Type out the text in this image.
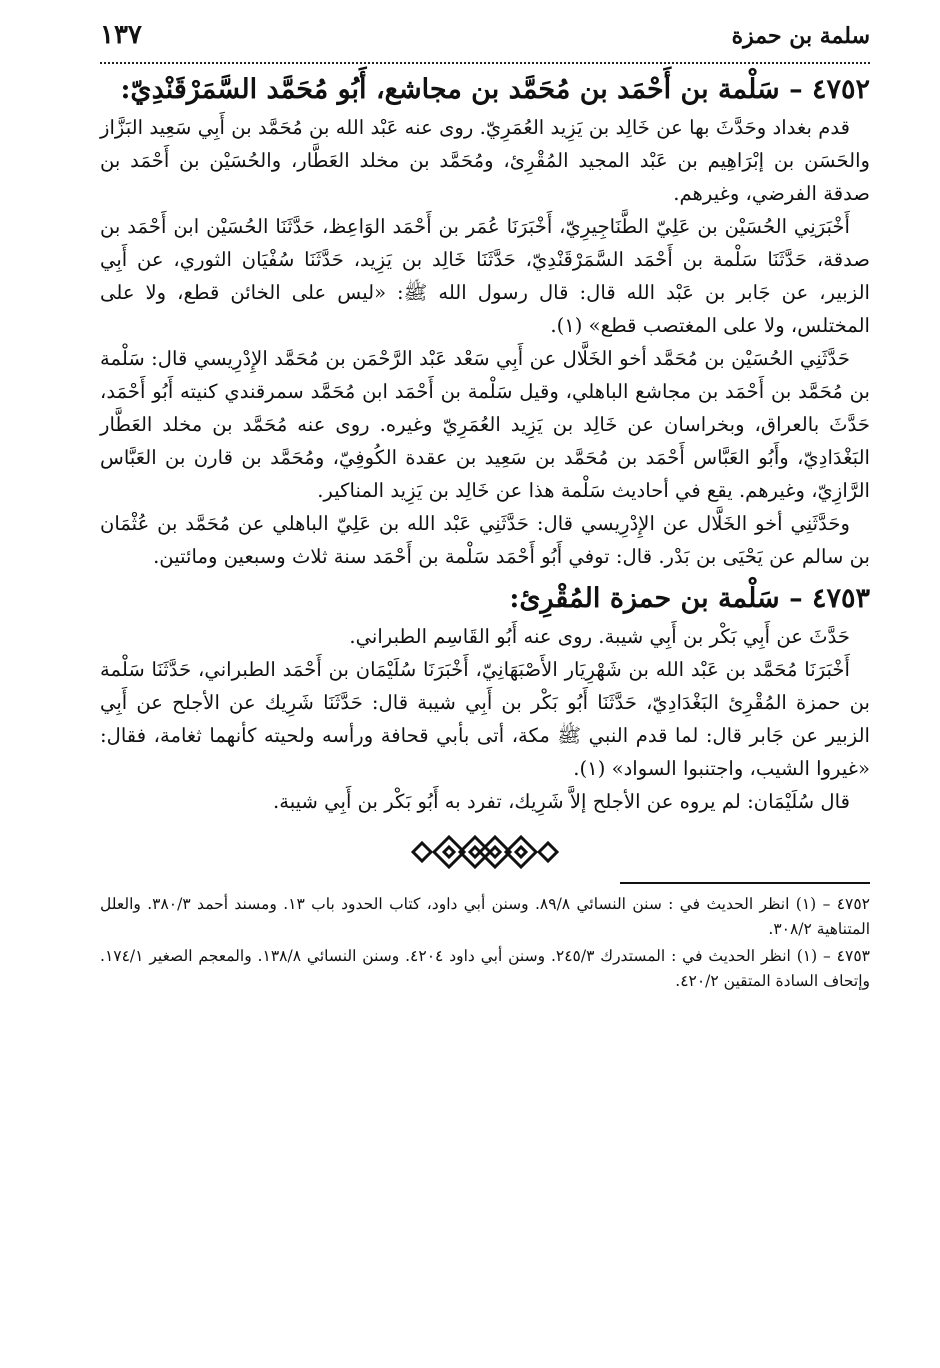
سلمة بن حمزة
١٣٧
٤٧٥٢ – سَلْمة بن أَحْمَد بن مُحَمَّد بن مجاشع، أَبُو مُحَمَّد السَّمَرْقَنْدِيّ:

قدم بغداد وحَدَّثَ بها عن خَالِد بن يَزِيد العُمَرِيّ. روى عنه عَبْد الله بن مُحَمَّد بن أَبِي سَعِيد البَزَّاز والحَسَن بن إبْرَاهِيم بن عَبْد المجيد المُقْرِئ، ومُحَمَّد بن مخلد العَطَّار، والحُسَيْن بن أَحْمَد بن صدقة الفرضي، وغيرهم.

أَخْبَرَنِي الحُسَيْن بن عَلِيّ الطَّنَاجِيرِيّ، أَخْبَرَنَا عُمَر بن أَحْمَد الوَاعِظ، حَدَّثَنَا الحُسَيْن ابن أَحْمَد بن صدقة، حَدَّثَنَا سَلْمة بن أَحْمَد السَّمَرْقَنْدِيّ، حَدَّثَنَا خَالِد بن يَزِيد، حَدَّثَنَا سُفْيَان الثوري، عن أَبِي الزبير، عن جَابر بن عَبْد الله قال: قال رسول الله ﷺ: «ليس على الخائن قطع، ولا على المختلس، ولا على المغتصب قطع» (١).

حَدَّثَنِي الحُسَيْن بن مُحَمَّد أخو الخَلَّال عن أَبِي سَعْد عَبْد الرَّحْمَن بن مُحَمَّد الإِدْرِيسي قال: سَلْمة بن مُحَمَّد بن أَحْمَد بن مجاشع الباهلي، وقيل سَلْمة بن أَحْمَد ابن مُحَمَّد سمرقندي كنيته أَبُو أَحْمَد، حَدَّثَ بالعراق، وبخراسان عن خَالِد بن يَزِيد العُمَرِيّ وغيره. روى عنه مُحَمَّد بن مخلد العَطَّار البَغْدَادِيّ، وأَبُو العَبَّاس أَحْمَد بن مُحَمَّد بن سَعِيد بن عقدة الكُوفِيّ، ومُحَمَّد بن قارن بن العَبَّاس الرَّازِيّ، وغيرهم. يقع في أحاديث سَلْمة هذا عن خَالِد بن يَزِيد المناكير.

وحَدَّثَنِي أخو الخَلَّال عن الإِدْرِيسي قال: حَدَّثَنِي عَبْد الله بن عَلِيّ الباهلي عن مُحَمَّد بن عُثْمَان بن سالم عن يَحْيَى بن بَدْر. قال: توفي أَبُو أَحْمَد سَلْمة بن أَحْمَد سنة ثلاث وسبعين ومائتين.

٤٧٥٣ – سَلْمة بن حمزة المُقْرِئ:

حَدَّثَ عن أَبِي بَكْر بن أَبِي شيبة. روى عنه أَبُو القَاسِم الطبراني.

أَخْبَرَنَا مُحَمَّد بن عَبْد الله بن شَهْرِيَار الأَصْبَهَانِيّ، أَخْبَرَنَا سُلَيْمَان بن أَحْمَد الطبراني، حَدَّثَنَا سَلْمة بن حمزة المُقْرِئ البَغْدَادِيّ، حَدَّثَنَا أَبُو بَكْر بن أَبِي شيبة قال: حَدَّثَنَا شَرِيك عن الأجلح عن أَبِي الزبير عن جَابر قال: لما قدم النبي ﷺ مكة، أتى بأبي قحافة ورأسه ولحيته كأنهما ثغامة، فقال: «غيروا الشيب، واجتنبوا السواد» (١).

قال سُلَيْمَان: لم يروه عن الأجلح إلاَّ شَرِيك، تفرد به أَبُو بَكْر بن أَبِي شيبة.

٤٧٥٢ – (١) انظر الحديث في : سنن النسائي ٨٩/٨. وسنن أبي داود، كتاب الحدود باب ١٣. ومسند أحمد ٣٨٠/٣. والعلل المتناهية ٣٠٨/٢.

٤٧٥٣ – (١) انظر الحديث في : المستدرك ٢٤٥/٣. وسنن أبي داود ٤٢٠٤. وسنن النسائي ١٣٨/٨. والمعجم الصغير ١٧٤/١. وإتحاف السادة المتقين ٤٢٠/٢.
